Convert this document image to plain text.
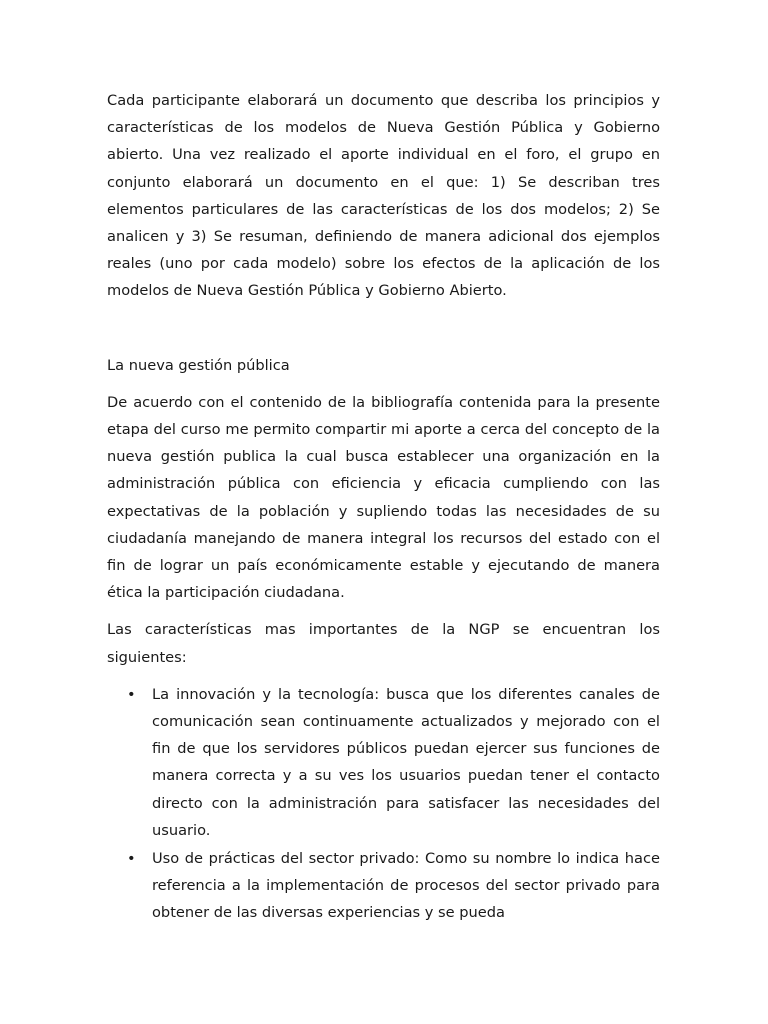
Cada participante elaborará un documento que describa los principios y características de los modelos de Nueva Gestión Pública y Gobierno abierto. Una vez realizado el aporte individual en el foro, el grupo en conjunto elaborará un documento en el que: 1) Se describan tres elementos particulares de las características de los dos modelos; 2) Se analicen y 3) Se resuman, definiendo de manera adicional dos ejemplos reales (uno por cada modelo) sobre los efectos de la aplicación de los modelos de Nueva Gestión Pública y Gobierno Abierto.

La nueva gestión pública

De acuerdo con el contenido de la bibliografía contenida para la presente etapa del curso me permito compartir mi aporte a cerca del concepto de la nueva gestión publica la cual busca establecer una organización en la administración pública con eficiencia y eficacia cumpliendo con las expectativas de la población y supliendo todas las necesidades de su ciudadanía manejando de manera integral los recursos del estado con el fin de lograr un país económicamente estable y ejecutando de manera ética la participación ciudadana.

Las características mas importantes de la NGP se encuentran los siguientes:

• La innovación y la tecnología: busca que los diferentes canales de comunicación sean continuamente actualizados y mejorado con el fin de que los servidores públicos puedan ejercer sus funciones de manera correcta y a su ves los usuarios puedan tener el contacto directo con la administración para satisfacer las necesidades del usuario.

• Uso de prácticas del sector privado: Como su nombre lo indica hace referencia a la implementación de procesos del sector privado para obtener de las diversas experiencias y se pueda
